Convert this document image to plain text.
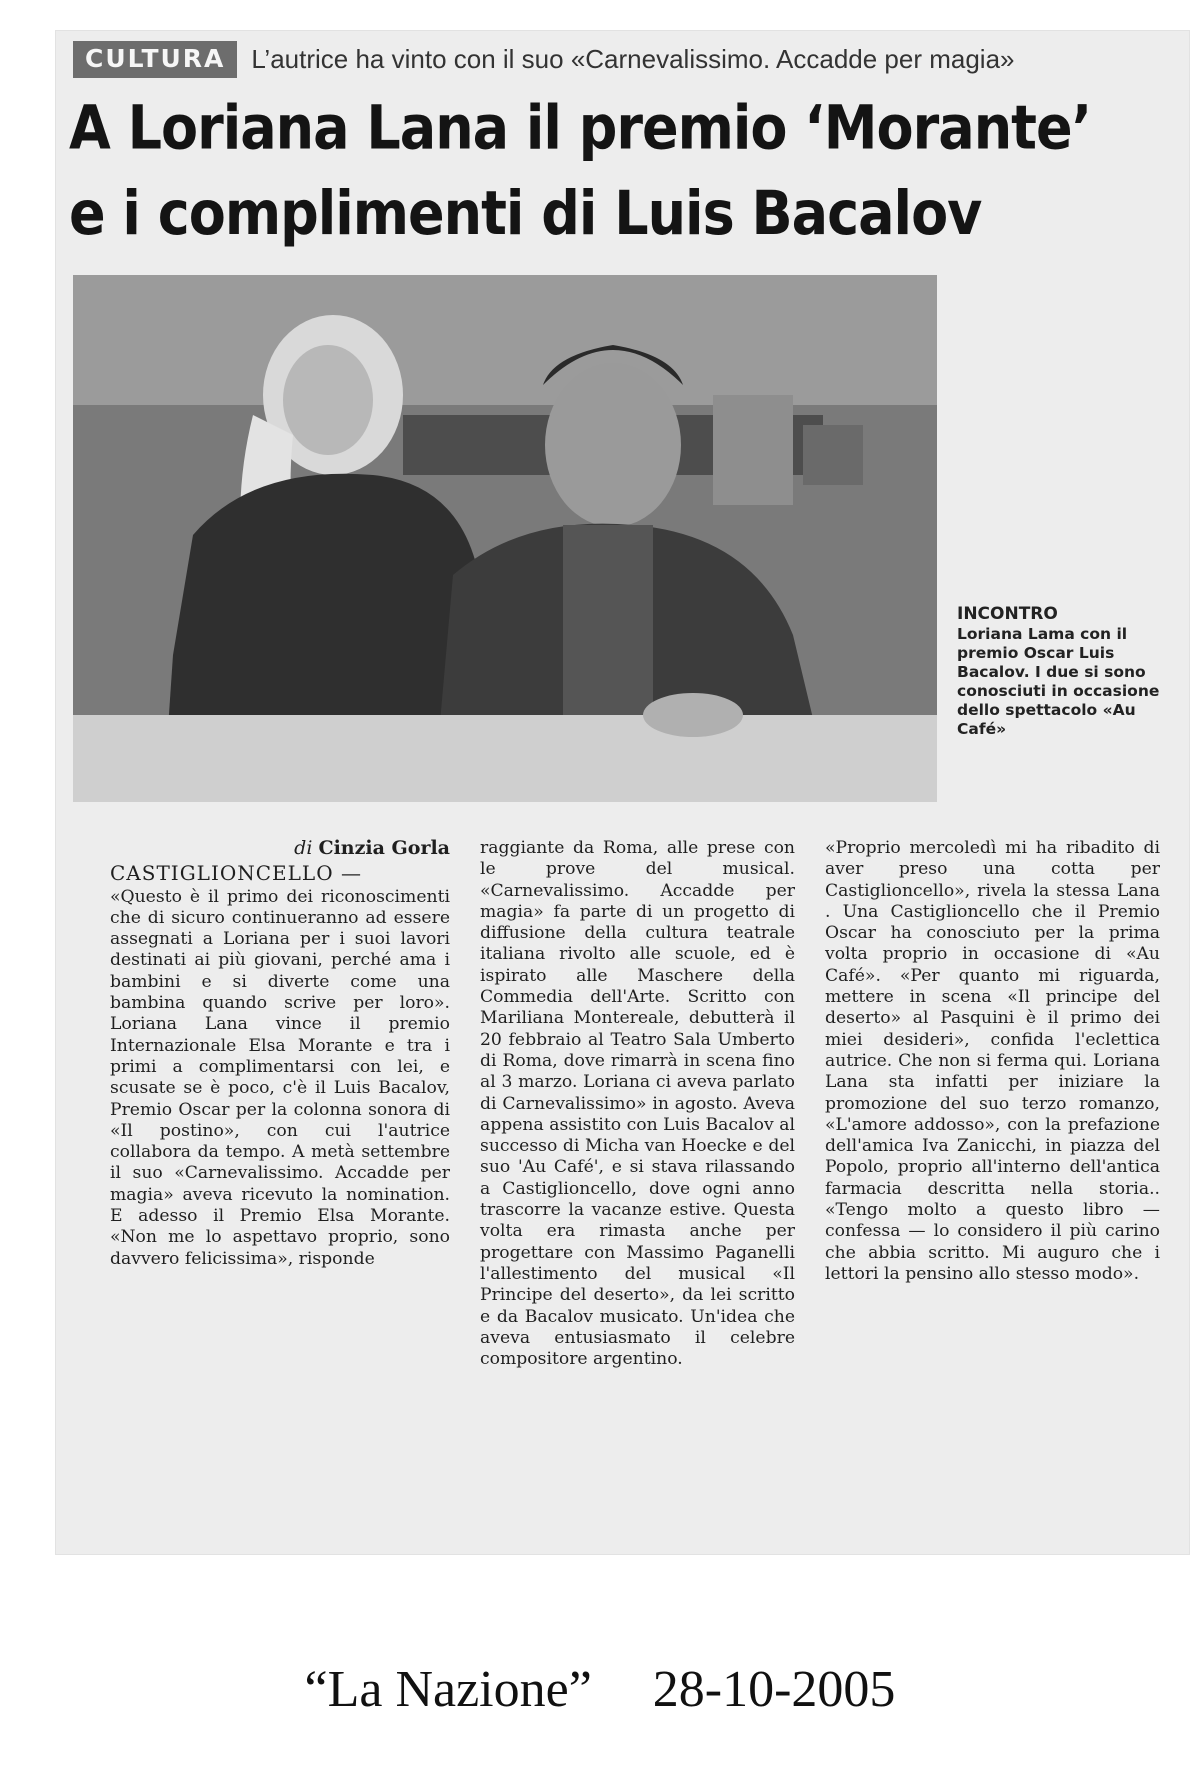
CULTURA	L’autrice ha vinto con il suo «Carnevalissimo. Accadde per magia»
A Loriana Lana il premio ‘Morante’
e i complimenti di Luis Bacalov
INCONTRO
Loriana Lama con il premio Oscar Luis Bacalov. I due si sono conosciuti in occasione dello spettacolo «Au Café»

di Cinzia Gorla

CASTIGLIONCELLO —

«Questo è il primo dei riconoscimenti che di sicuro continueranno ad essere assegnati a Loriana per i suoi lavori destinati ai più giovani, perché ama i bambini e si diverte come una bambina quando scrive per loro». Loriana Lana vince il premio Internazionale Elsa Morante e tra i primi a complimentarsi con lei, e scusate se è poco, c'è il Luis Bacalov, Premio Oscar per la colonna sonora di «Il postino», con cui l'autrice collabora da tempo. A metà settembre il suo «Carnevalissimo. Accadde per magia» aveva ricevuto la nomination. E adesso il Premio Elsa Morante. «Non me lo aspettavo proprio, sono davvero felicissima», risponde

raggiante da Roma, alle prese con le prove del musical. «Carnevalissimo. Accadde per magia» fa parte di un progetto di diffusione della cultura teatrale italiana rivolto alle scuole, ed è ispirato alle Maschere della Commedia dell'Arte. Scritto con Mariliana Montereale, debutterà il 20 febbraio al Teatro Sala Umberto di Roma, dove rimarrà in scena fino al 3 marzo. Loriana ci aveva parlato di Carnevalissimo» in agosto. Aveva appena assistito con Luis Bacalov al successo di Micha van Hoecke e del suo 'Au Café', e si stava rilassando a Castiglioncello, dove ogni anno trascorre la vacanze estive. Questa volta era rimasta anche per progettare con Massimo Paganelli l'allestimento del musical «Il Principe del deserto», da lei scritto e da Bacalov musicato. Un'idea che aveva entusiasmato il celebre compositore argentino.

«Proprio mercoledì mi ha ribadito di aver preso una cotta per Castiglioncello», rivela la stessa Lana . Una Castiglioncello che il Premio Oscar ha conosciuto per la prima volta proprio in occasione di «Au Café». «Per quanto mi riguarda, mettere in scena «Il principe del deserto» al Pasquini è il primo dei miei desideri», confida l'eclettica autrice. Che non si ferma qui. Loriana Lana sta infatti per iniziare la promozione del suo terzo romanzo, «L'amore addosso», con la prefazione dell'amica Iva Zanicchi, in piazza del Popolo, proprio all'interno dell'antica farmacia descritta nella storia.. «Tengo molto a questo libro — confessa — lo considero il più carino che abbia scritto. Mi auguro che i lettori la pensino allo stesso modo».

“La Nazione” 28-10-2005
